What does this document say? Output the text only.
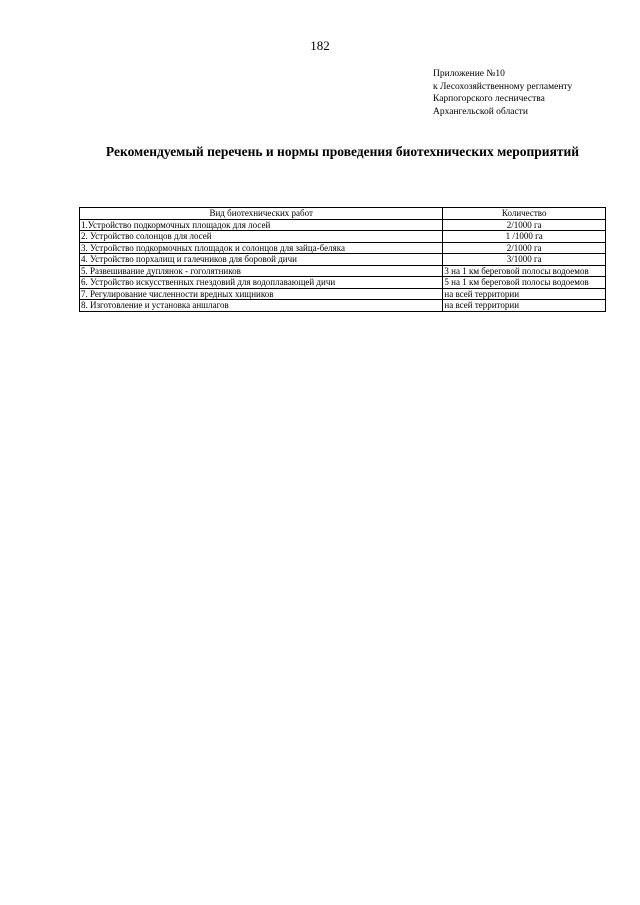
182
Приложение №10
к Лесохозяйственному регламенту
Карпогорского лесничества
Архангельской области
Рекомендуемый перечень и нормы проведения биотехнических мероприятий
Вид биотехнических работ	Количество
1.Устройство подкормочных площадок для лосей	2/1000 га
2. Устройство солонцов для лосей	1 /1000 га
3. Устройство подкормочных площадок и солонцов для зайца-беляка	2/1000 га
4. Устройство порхалищ и галечников для боровой дичи	3/1000 га
5. Развешивание дуплянок - гоголятников	3 на 1 км береговой полосы водоемов
6. Устройство искусственных гнездовий для водоплавающей дичи	5 на 1 км береговой полосы водоемов
7. Регулирование численности вредных хищников	на всей территории
8. Изготовление и установка аншлагов	на всей территории
